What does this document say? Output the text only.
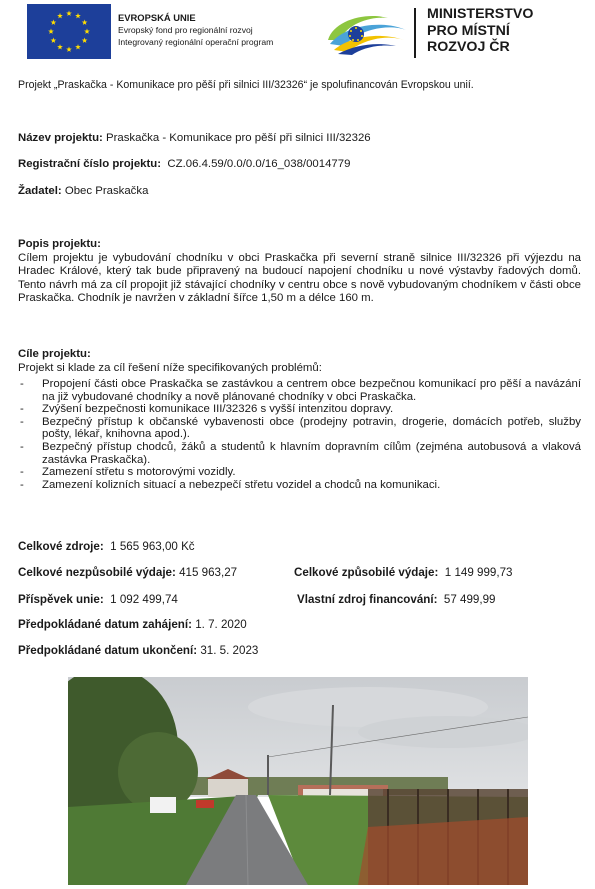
EVROPSKÁ UNIE
Evropský fond pro regionální rozvoj
Integrovaný regionální operační program
MINISTERSTVO
PRO MÍSTNÍ
ROZVOJ ČR
Projekt „Praskačka - Komunikace pro pěší při silnici III/32326“ je spolufinancován Evropskou unií.
Název projektu: Praskačka - Komunikace pro pěší při silnici III/32326
Registrační číslo projektu: CZ.06.4.59/0.0/0.0/16_038/0014779
Žadatel: Obec Praskačka
Popis projektu:
Cílem projektu je vybudování chodníku v obci Praskačka při severní straně silnice III/32326 při výjezdu na Hradec Králové, který tak bude připravený na budoucí napojení chodníku u nové výstavby řadových domů. Tento návrh má za cíl propojit již stávající chodníky v centru obce s nově vybudovaným chodníkem v části obce Praskačka. Chodník je navržen v základní šířce 1,50 m a délce 160 m.
Cíle projektu:
Projekt si klade za cíl řešení níže specifikovaných problémů:
- Propojení části obce Praskačka se zastávkou a centrem obce bezpečnou komunikací pro pěší a navázání na již vybudované chodníky a nově plánované chodníky v obci Praskačka.
- Zvýšení bezpečnosti komunikace III/32326 s vyšší intenzitou dopravy.
- Bezpečný přístup k občanské vybavenosti obce (prodejny potravin, drogerie, domácích potřeb, služby pošty, lékař, knihovna apod.).
- Bezpečný přístup chodců, žáků a studentů k hlavním dopravním cílům (zejména autobusová a vlaková zastávka Praskačka).
- Zamezení střetu s motorovými vozidly.
- Zamezení kolizních situací a nebezpečí střetu vozidel a chodců na komunikaci.
Celkové zdroje: 1 565 963,00 Kč
Celkové nezpůsobilé výdaje: 415 963,27	Celkové způsobilé výdaje: 1 149 999,73
Příspěvek unie: 1 092 499,74	Vlastní zdroj financování: 57 499,99
Předpokládané datum zahájení: 1. 7. 2020
Předpokládané datum ukončení: 31. 5. 2023
